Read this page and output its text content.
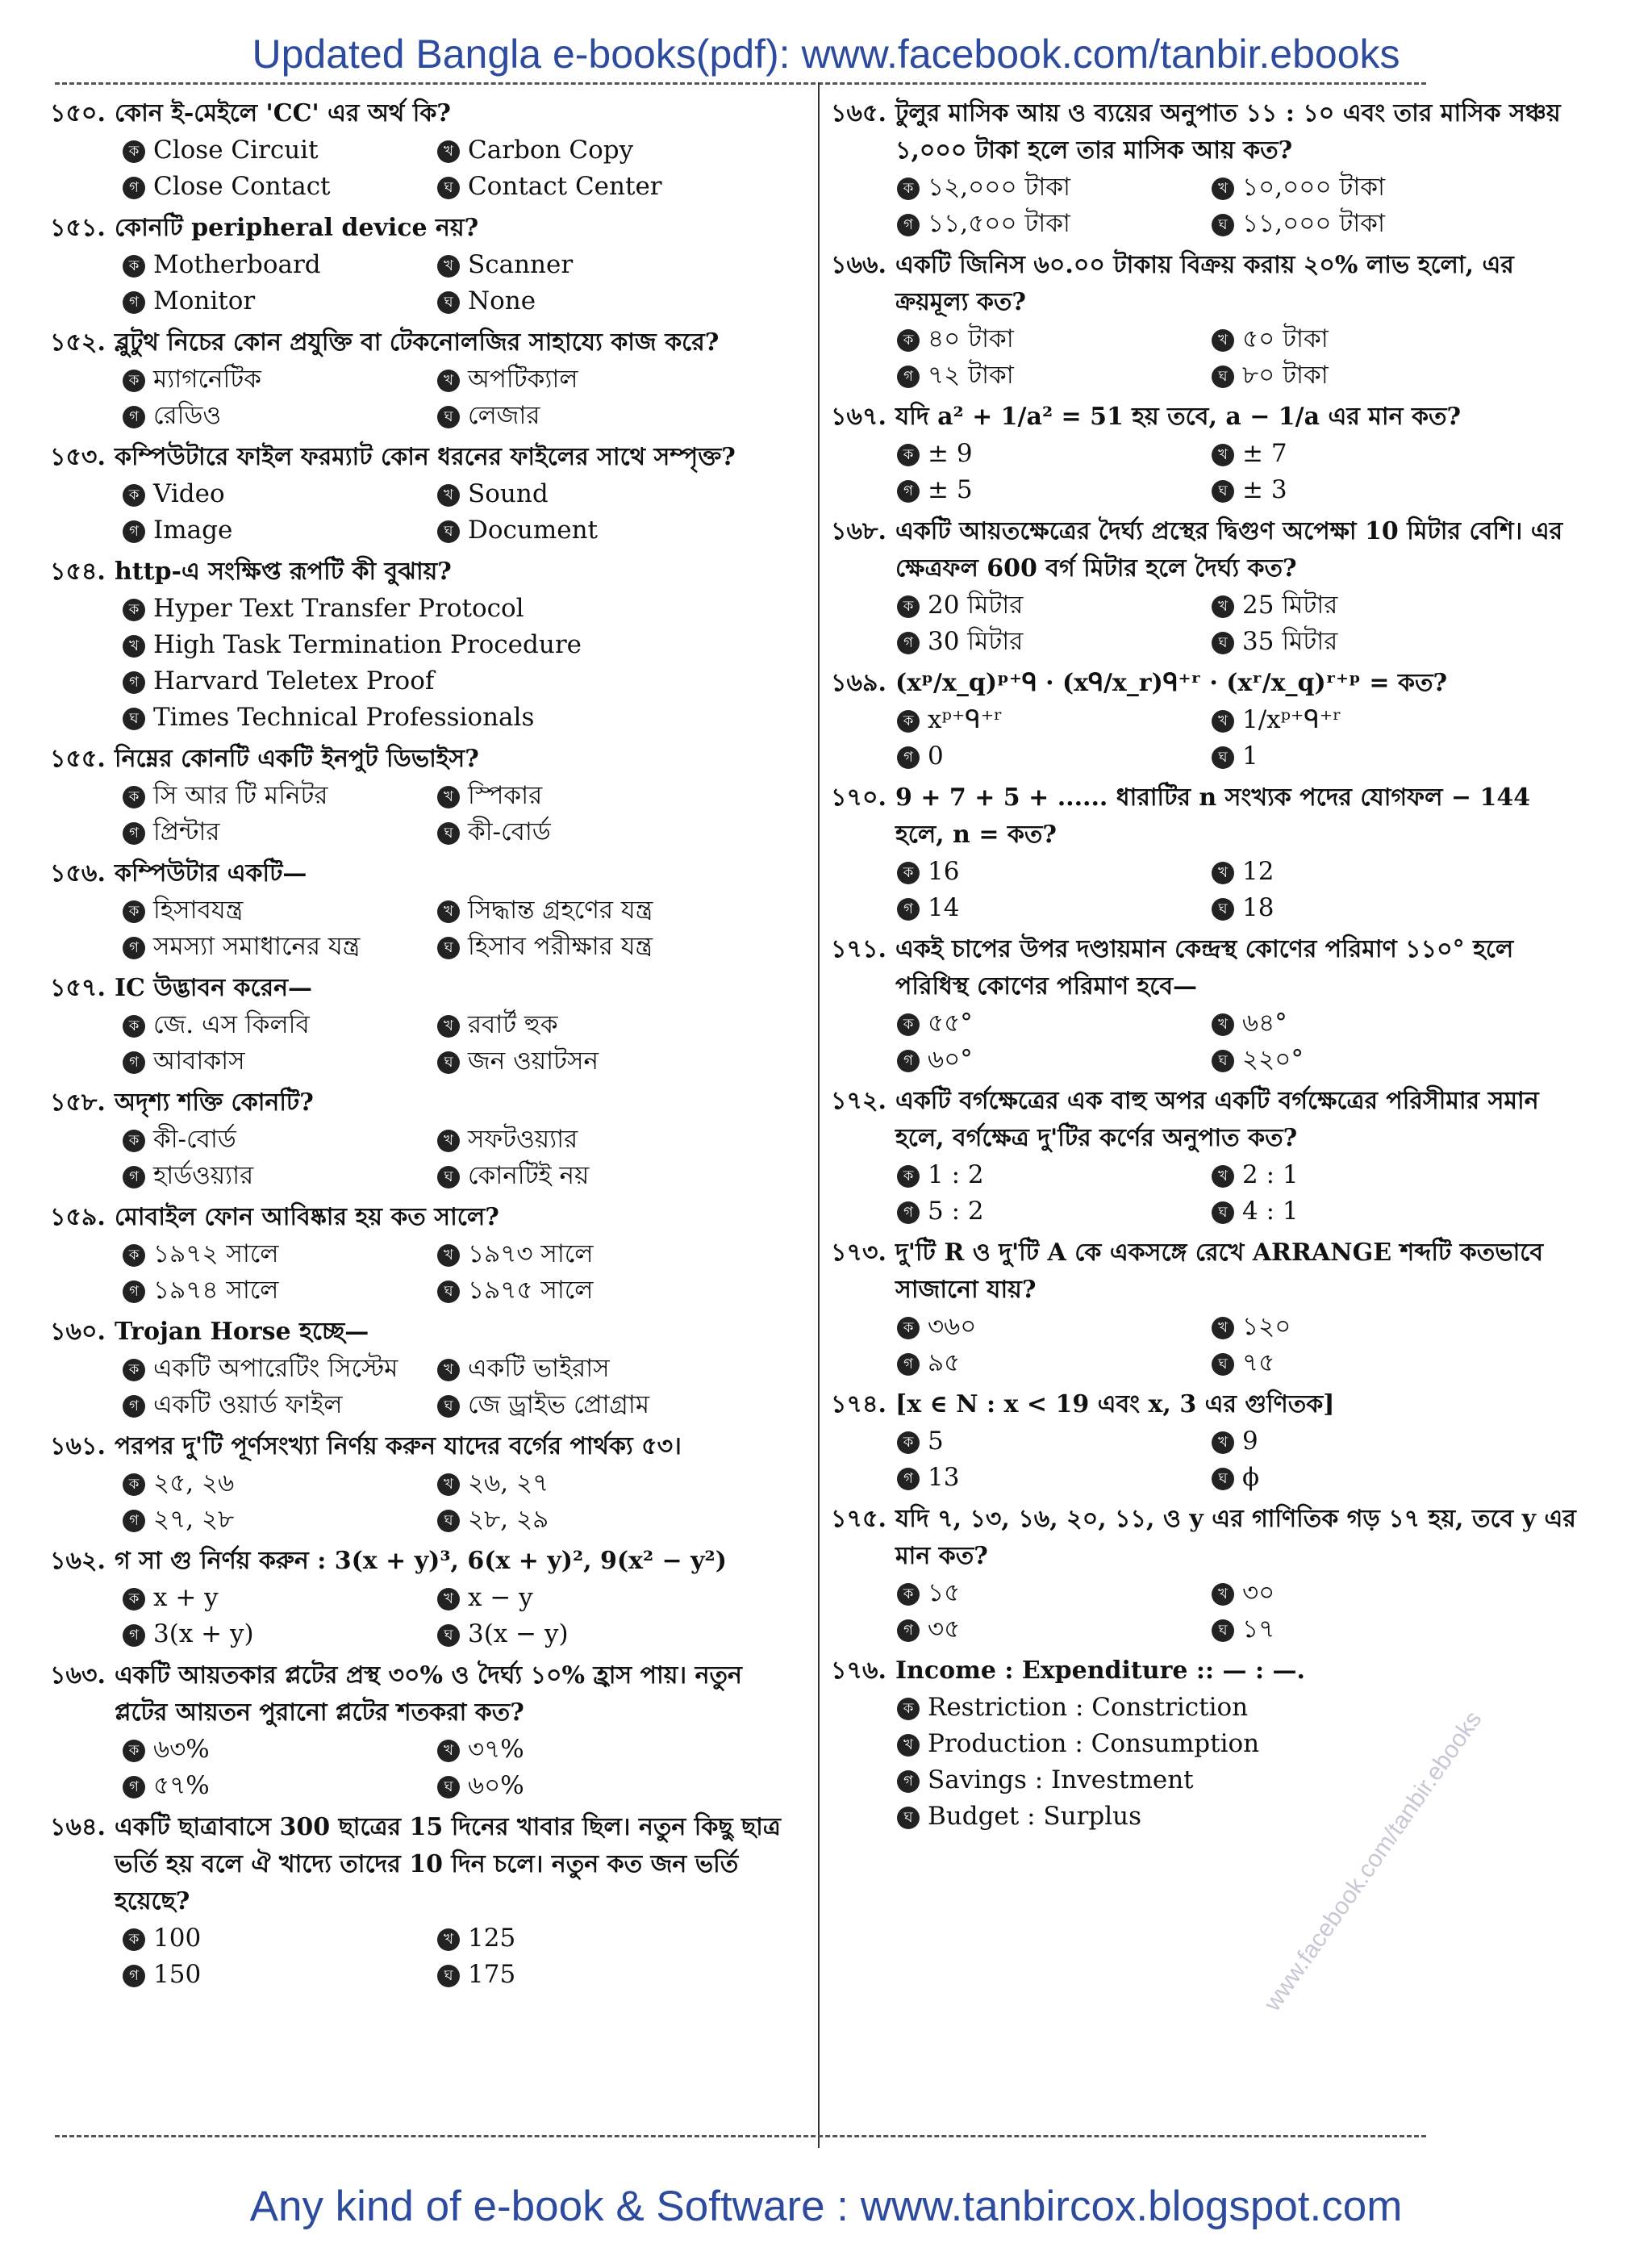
Updated Bangla e-books(pdf): www.facebook.com/tanbir.ebooks
১৫০. কোন ই-মেইলে 'CC' এর অর্থ কি?
ক Close Circuit	খ Carbon Copy
গ Close Contact	ঘ Contact Center
১৫১. কোনটি peripheral device নয়?
ক Motherboard	খ Scanner
গ Monitor	ঘ None
১৫২. ব্লুটুথ নিচের কোন প্রযুক্তি বা টেকনোলজির সাহায্যে কাজ করে?
ক ম্যাগনেটিক	খ অপটিক্যাল
গ রেডিও	ঘ লেজার
১৫৩. কম্পিউটারে ফাইল ফরম্যাট কোন ধরনের ফাইলের সাথে সম্পৃক্ত?
ক Video	খ Sound
গ Image	ঘ Document
১৫৪. http-এ সংক্ষিপ্ত রূপটি কী বুঝায়?
ক Hyper Text Transfer Protocol
খ High Task Termination Procedure
গ Harvard Teletex Proof
ঘ Times Technical Professionals
১৫৫. নিম্নের কোনটি একটি ইনপুট ডিভাইস?
ক সি আর টি মনিটর	খ স্পিকার
গ প্রিন্টার	ঘ কী-বোর্ড
১৫৬. কম্পিউটার একটি—
ক হিসাবযন্ত্র	খ সিদ্ধান্ত গ্রহণের যন্ত্র
গ সমস্যা সমাধানের যন্ত্র	ঘ হিসাব পরীক্ষার যন্ত্র
১৫৭. IC উদ্ভাবন করেন—
ক জে. এস কিলবি	খ রবার্ট হুক
গ আবাকাস	ঘ জন ওয়াটসন
১৫৮. অদৃশ্য শক্তি কোনটি?
ক কী-বোর্ড	খ সফটওয়্যার
গ হার্ডওয়্যার	ঘ কোনটিই নয়
১৫৯. মোবাইল ফোন আবিষ্কার হয় কত সালে?
ক ১৯৭২ সালে	খ ১৯৭৩ সালে
গ ১৯৭৪ সালে	ঘ ১৯৭৫ সালে
১৬০. Trojan Horse হচ্ছে—
ক একটি অপারেটিং সিস্টেম	খ একটি ভাইরাস
গ একটি ওয়ার্ড ফাইল	ঘ জে ড্রাইভ প্রোগ্রাম
১৬১. পরপর দু'টি পূর্ণসংখ্যা নির্ণয় করুন যাদের বর্গের পার্থক্য ৫৩।
ক ২৫, ২৬	খ ২৬, ২৭
গ ২৭, ২৮	ঘ ২৮, ২৯
১৬২. গ সা গু নির্ণয় করুন : 3(x + y)³, 6(x + y)², 9(x² − y²)
ক x + y	খ x − y
গ 3(x + y)	ঘ 3(x − y)
১৬৩. একটি আয়তকার প্লটের প্রস্থ ৩০% ও দৈর্ঘ্য ১০% হ্রাস পায়। নতুন প্লটের আয়তন পুরানো প্লটের শতকরা কত?
ক ৬৩%	খ ৩৭%
গ ৫৭%	ঘ ৬০%
১৬৪. একটি ছাত্রাবাসে 300 ছাত্রের 15 দিনের খাবার ছিল। নতুন কিছু ছাত্র ভর্তি হয় বলে ঐ খাদ্যে তাদের 10 দিন চলে। নতুন কত জন ভর্তি হয়েছে?
ক 100	খ 125
গ 150	ঘ 175
১৬৫. টুলুর মাসিক আয় ও ব্যয়ের অনুপাত ১১ : ১০ এবং তার মাসিক সঞ্চয় ১,০০০ টাকা হলে তার মাসিক আয় কত?
ক ১২,০০০ টাকা	খ ১০,০০০ টাকা
গ ১১,৫০০ টাকা	ঘ ১১,০০০ টাকা
১৬৬. একটি জিনিস ৬০.০০ টাকায় বিক্রয় করায় ২০% লাভ হলো, এর ক্রয়মূল্য কত?
ক ৪০ টাকা	খ ৫০ টাকা
গ ৭২ টাকা	ঘ ৮০ টাকা
১৬৭. যদি a² + 1/a² = 51 হয় তবে, a − 1/a এর মান কত?
ক ± 9	খ ± 7
গ ± 5	ঘ ± 3
১৬৮. একটি আয়তক্ষেত্রের দৈর্ঘ্য প্রস্থের দ্বিগুণ অপেক্ষা 10 মিটার বেশি। এর ক্ষেত্রফল 600 বর্গ মিটার হলে দৈর্ঘ্য কত?
ক 20 মিটার	খ 25 মিটার
গ 30 মিটার	ঘ 35 মিটার
১৬৯. (xᵖ/x_q)ᵖ⁺ᑫ · (xᑫ/x_r)ᑫ⁺ʳ · (xʳ/x_q)ʳ⁺ᵖ = কত?
ক xᵖ⁺ᑫ⁺ʳ	খ 1/xᵖ⁺ᑫ⁺ʳ
গ 0	ঘ 1
১৭০. 9 + 7 + 5 + ...... ধারাটির n সংখ্যক পদের যোগফল − 144 হলে, n = কত?
ক 16	খ 12
গ 14	ঘ 18
১৭১. একই চাপের উপর দণ্ডায়মান কেন্দ্রস্থ কোণের পরিমাণ ১১০° হলে পরিধিস্থ কোণের পরিমাণ হবে—
ক ৫৫°	খ ৬৪°
গ ৬০°	ঘ ২২০°
১৭২. একটি বর্গক্ষেত্রের এক বাহু অপর একটি বর্গক্ষেত্রের পরিসীমার সমান হলে, বর্গক্ষেত্র দু'টির কর্ণের অনুপাত কত?
ক 1 : 2	খ 2 : 1
গ 5 : 2	ঘ 4 : 1
১৭৩. দু'টি R ও দু'টি A কে একসঙ্গে রেখে ARRANGE শব্দটি কতভাবে সাজানো যায়?
ক ৩৬০	খ ১২০
গ ৯৫	ঘ ৭৫
১৭৪. [x ∈ N : x < 19 এবং x, 3 এর গুণিতক]
ক 5	খ 9
গ 13	ঘ ϕ
১৭৫. যদি ৭, ১৩, ১৬, ২০, ১১, ও y এর গাণিতিক গড় ১৭ হয়, তবে y এর মান কত?
ক ১৫	খ ৩০
গ ৩৫	ঘ ১৭
১৭৬. Income : Expenditure :: — : —.
ক Restriction : Constriction
খ Production : Consumption
গ Savings : Investment
ঘ Budget : Surplus	www.facebook.com/tanbir.ebooks
Any kind of e-book & Software : www.tanbircox.blogspot.com
